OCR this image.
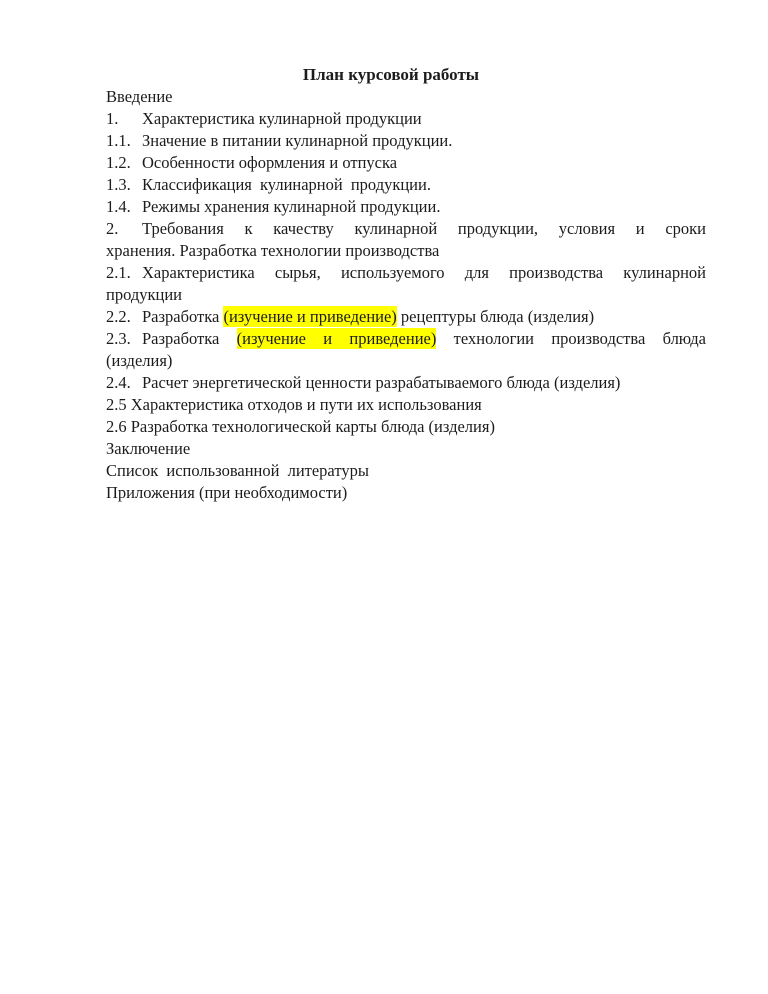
План курсовой работы
Введение
1. Характеристика кулинарной продукции
1.1. Значение в питании кулинарной продукции.
1.2. Особенности оформления и отпуска
1.3. Классификация кулинарной продукции.
1.4. Режимы хранения кулинарной продукции.
2. Требования к качеству кулинарной продукции, условия и сроки
хранения. Разработка технологии производства
2.1. Характеристика сырья, используемого для производства кулинарной
продукции
2.2. Разработка (изучение и приведение) рецептуры блюда (изделия)
2.3. Разработка (изучение и приведение) технологии производства блюда
(изделия)
2.4. Расчет энергетической ценности разрабатываемого блюда (изделия)
2.5 Характеристика отходов и пути их использования
2.6 Разработка технологической карты блюда (изделия)
Заключение
Список использованной литературы
Приложения (при необходимости)
